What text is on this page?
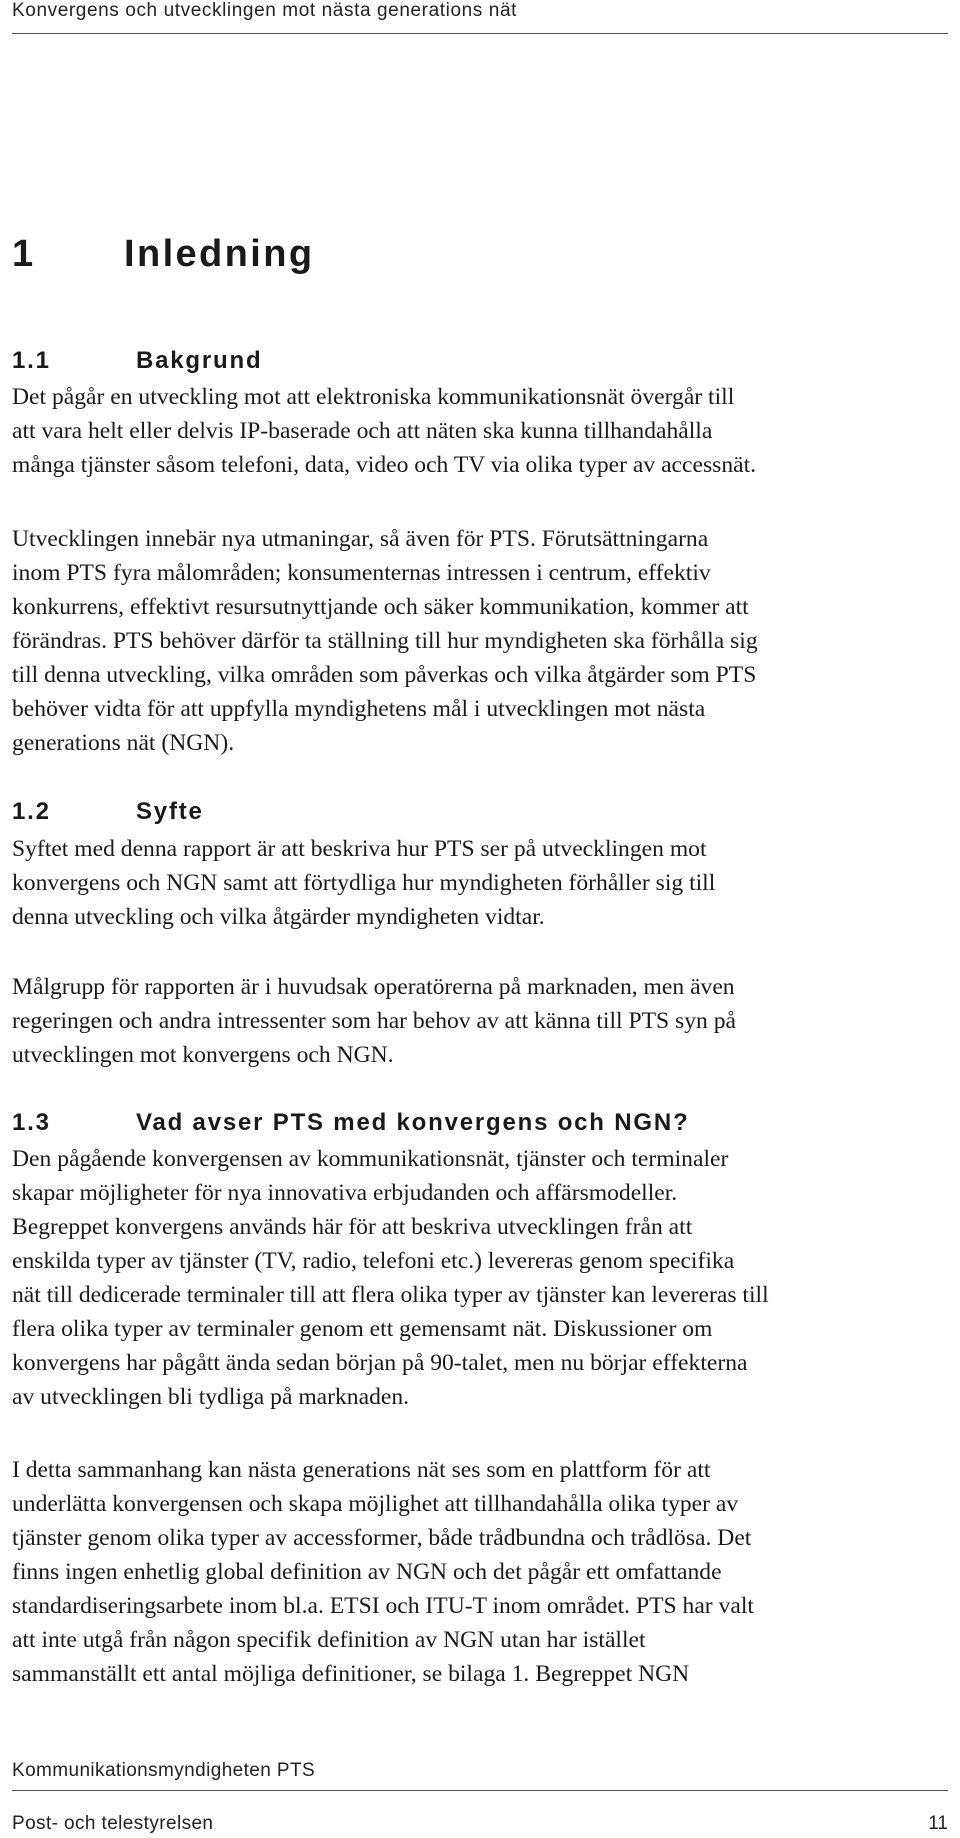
Konvergens och utvecklingen mot nästa generations nät
1 Inledning
1.1	Bakgrund

Det pågår en utveckling mot att elektroniska kommunikationsnät övergår till
att vara helt eller delvis IP-baserade och att näten ska kunna tillhandahålla
många tjänster såsom telefoni, data, video och TV via olika typer av accessnät.

Utvecklingen innebär nya utmaningar, så även för PTS. Förutsättningarna
inom PTS fyra målområden; konsumenternas intressen i centrum, effektiv
konkurrens, effektivt resursutnyttjande och säker kommunikation, kommer att
förändras. PTS behöver därför ta ställning till hur myndigheten ska förhålla sig
till denna utveckling, vilka områden som påverkas och vilka åtgärder som PTS
behöver vidta för att uppfylla myndighetens mål i utvecklingen mot nästa
generations nät (NGN).

1.2	Syfte

Syftet med denna rapport är att beskriva hur PTS ser på utvecklingen mot
konvergens och NGN samt att förtydliga hur myndigheten förhåller sig till
denna utveckling och vilka åtgärder myndigheten vidtar.

Målgrupp för rapporten är i huvudsak operatörerna på marknaden, men även
regeringen och andra intressenter som har behov av att känna till PTS syn på
utvecklingen mot konvergens och NGN.

1.3	Vad avser PTS med konvergens och NGN?

Den pågående konvergensen av kommunikationsnät, tjänster och terminaler
skapar möjligheter för nya innovativa erbjudanden och affärsmodeller.
Begreppet konvergens används här för att beskriva utvecklingen från att
enskilda typer av tjänster (TV, radio, telefoni etc.) levereras genom specifika
nät till dedicerade terminaler till att flera olika typer av tjänster kan levereras till
flera olika typer av terminaler genom ett gemensamt nät. Diskussioner om
konvergens har pågått ända sedan början på 90-talet, men nu börjar effekterna
av utvecklingen bli tydliga på marknaden.

I detta sammanhang kan nästa generations nät ses som en plattform för att
underlätta konvergensen och skapa möjlighet att tillhandahålla olika typer av
tjänster genom olika typer av accessformer, både trådbundna och trådlösa. Det
finns ingen enhetlig global definition av NGN och det pågår ett omfattande
standardiseringsarbete inom bl.a. ETSI och ITU-T inom området. PTS har valt
att inte utgå från någon specifik definition av NGN utan har istället
sammanställt ett antal möjliga definitioner, se bilaga 1. Begreppet NGN

Kommunikationsmyndigheten PTS
Post- och telestyrelsen	11
